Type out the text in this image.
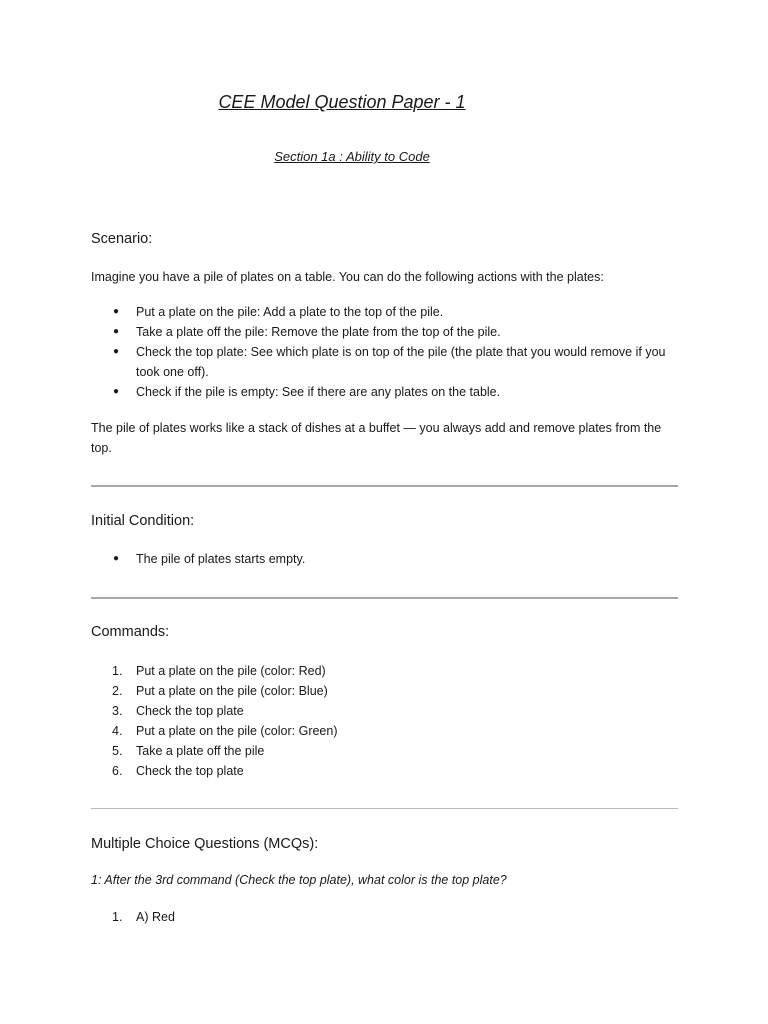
CEE Model Question Paper - 1
Section 1a : Ability to Code
Scenario:
Imagine you have a pile of plates on a table. You can do the following actions with the plates:
● Put a plate on the pile: Add a plate to the top of the pile.
● Take a plate off the pile: Remove the plate from the top of the pile.
● Check the top plate: See which plate is on top of the pile (the plate that you would remove if you took one off).
● Check if the pile is empty: See if there are any plates on the table.
The pile of plates works like a stack of dishes at a buffet — you always add and remove plates from the top.
Initial Condition:
● The pile of plates starts empty.
Commands:
1. Put a plate on the pile (color: Red)
2. Put a plate on the pile (color: Blue)
3. Check the top plate
4. Put a plate on the pile (color: Green)
5. Take a plate off the pile
6. Check the top plate
Multiple Choice Questions (MCQs):
1: After the 3rd command (Check the top plate), what color is the top plate?
1. A) Red
